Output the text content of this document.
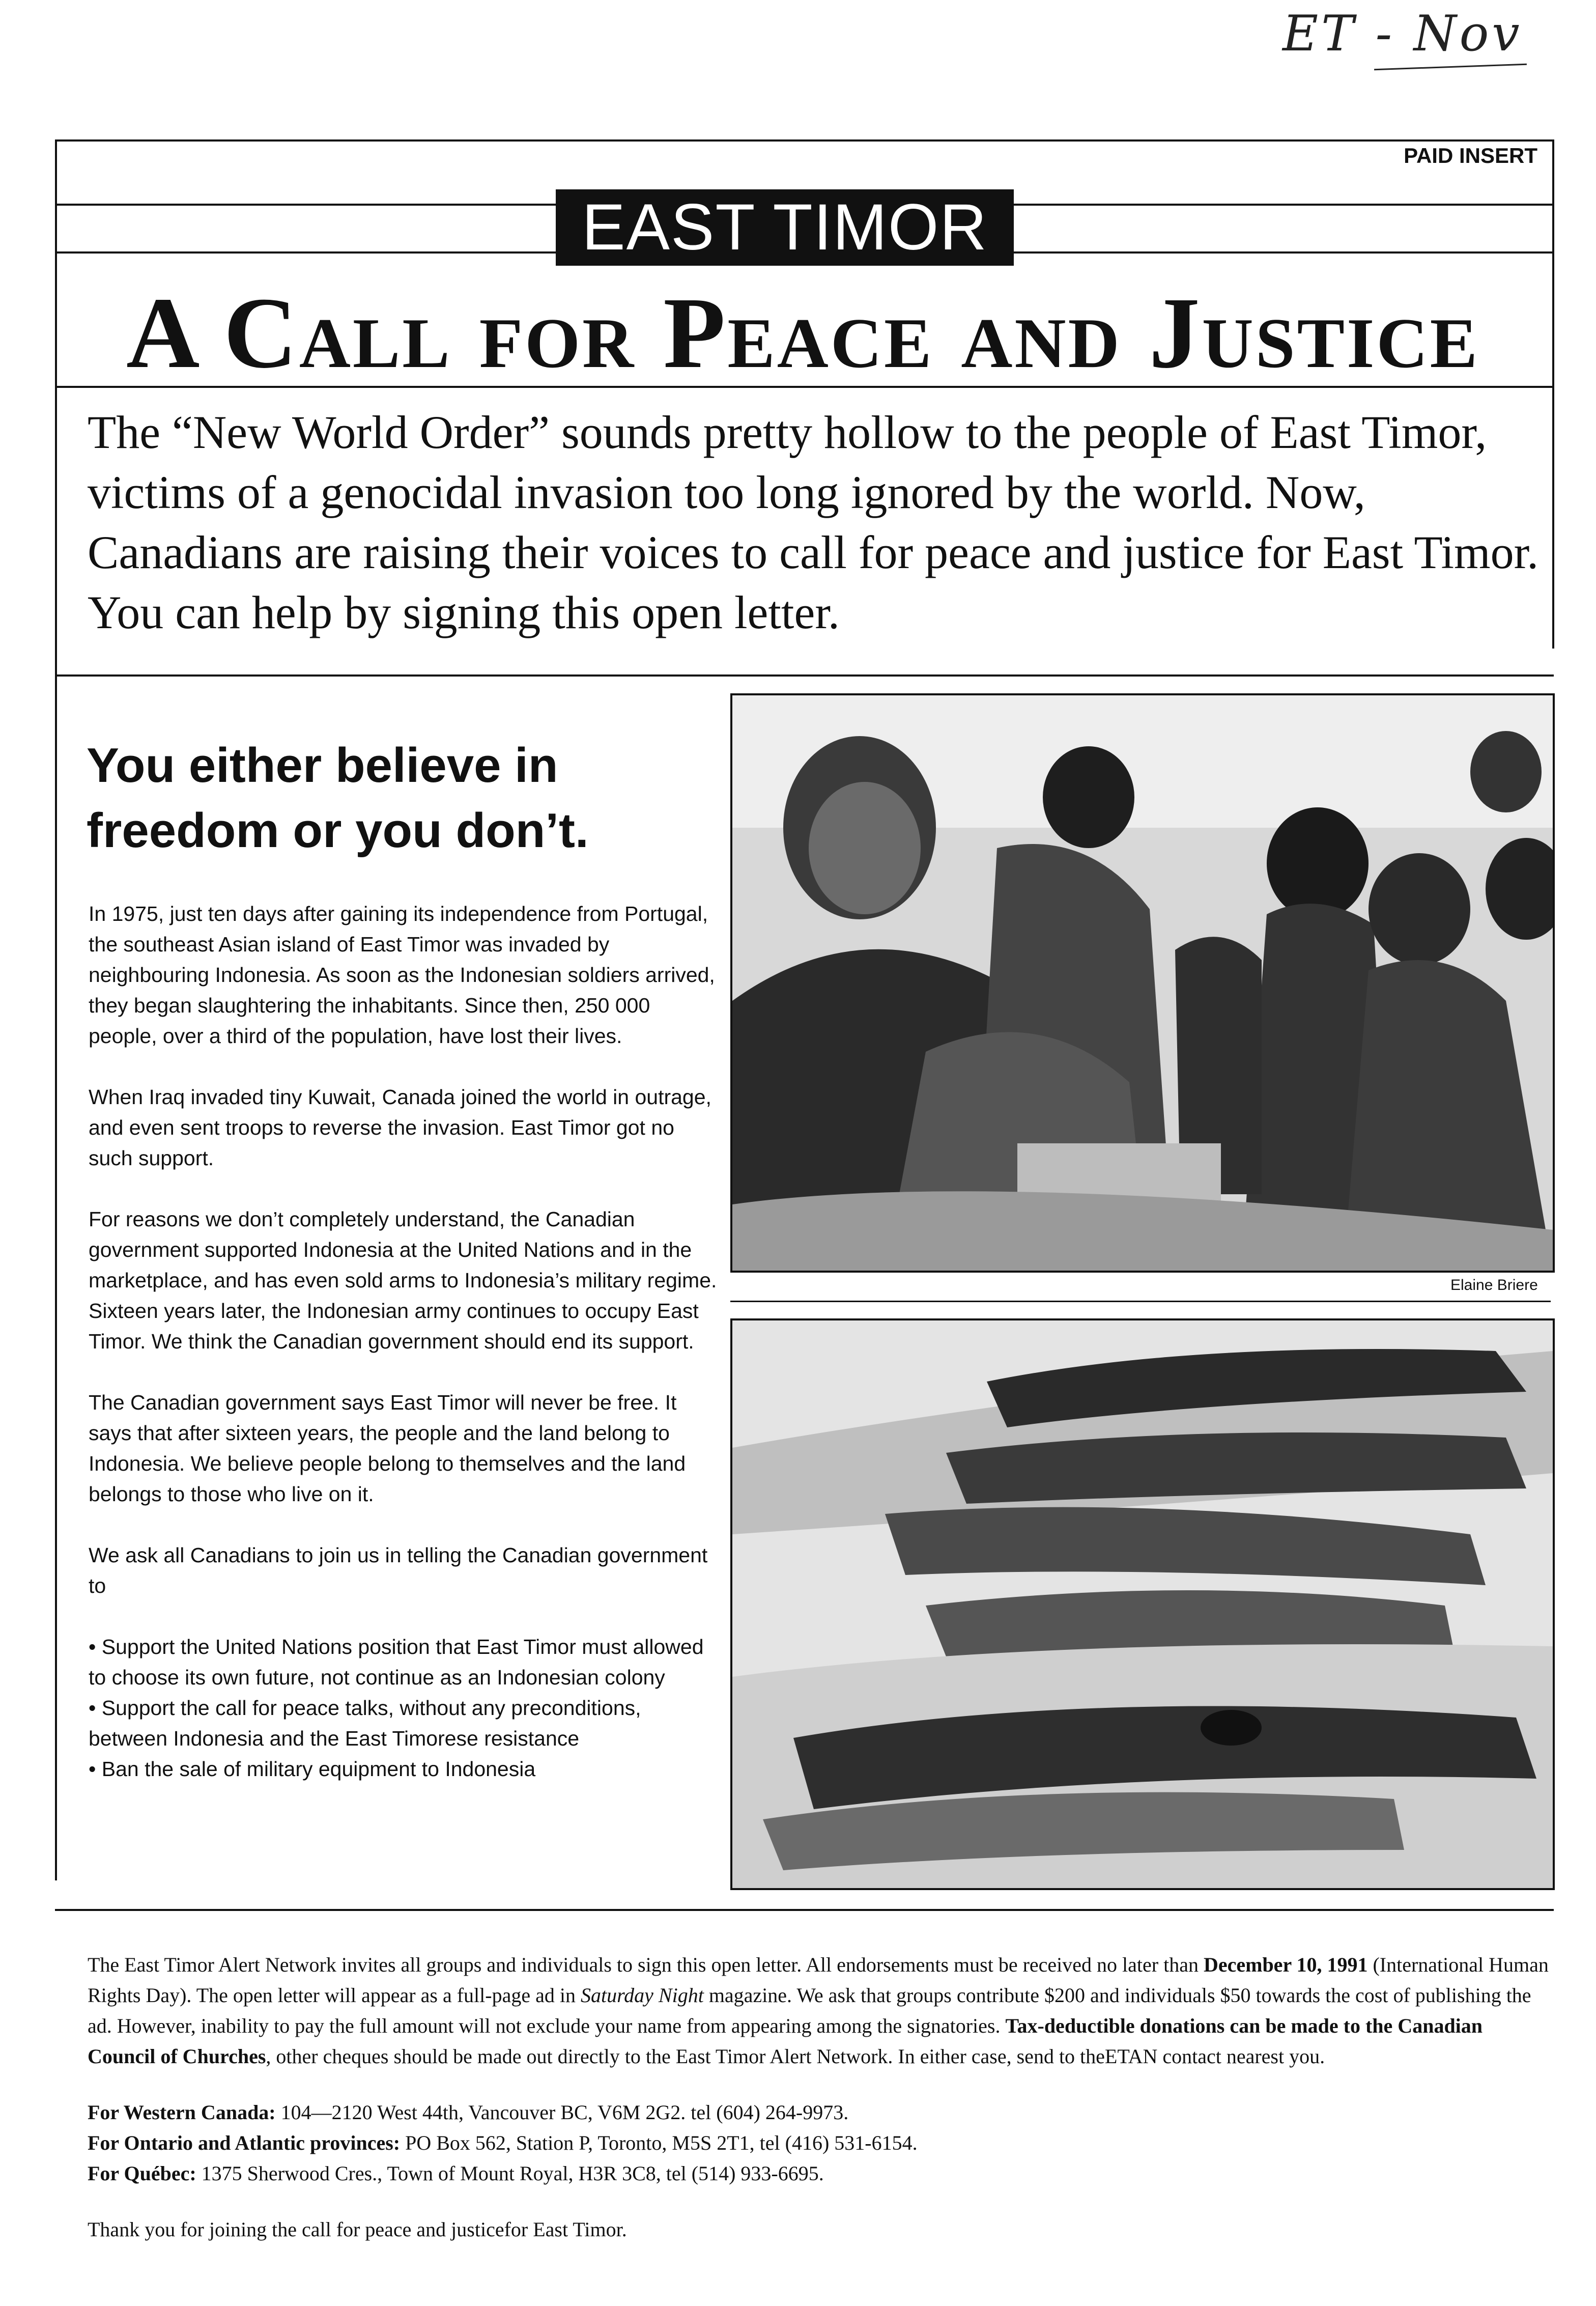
ET - Nov
PAID INSERT
EAST TIMOR
A Call for Peace and Justice
The “New World Order” sounds pretty hollow to the people of East Timor, victims of a genocidal invasion too long ignored by the world. Now, Canadians are raising their voices to call for peace and justice for East Timor. You can help by signing this open letter.
You either believe in freedom or you don’t.

In 1975, just ten days after gaining its independence from Portugal, the southeast Asian island of East Timor was invaded by neighbouring Indonesia. As soon as the Indonesian soldiers arrived, they began slaughtering the inhabitants. Since then, 250 000 people, over a third of the population, have lost their lives.

When Iraq invaded tiny Kuwait, Canada joined the world in outrage, and even sent troops to reverse the invasion. East Timor got no such support.

For reasons we don’t completely understand, the Canadian government supported Indonesia at the United Nations and in the marketplace, and has even sold arms to Indonesia’s military regime. Sixteen years later, the Indonesian army continues to occupy East Timor. We think the Canadian government should end its support.

The Canadian government says East Timor will never be free. It says that after sixteen years, the people and the land belong to Indonesia. We believe people belong to themselves and the land belongs to those who live on it.

We ask all Canadians to join us in telling the Canadian government to

• Support the United Nations position that East Timor must allowed to choose its own future, not continue as an Indonesian colony
• Support the call for peace talks, without any preconditions, between Indonesia and the East Timorese resistance
• Ban the sale of military equipment to Indonesia
Elaine Briere

The East Timor Alert Network invites all groups and individuals to sign this open letter. All endorsements must be received no later than December 10, 1991 (International Human Rights Day). The open letter will appear as a full-page ad in Saturday Night magazine. We ask that groups contribute $200 and individuals $50 towards the cost of publishing the ad. However, inability to pay the full amount will not exclude your name from appearing among the signatories. Tax-deductible donations can be made to the Canadian Council of Churches, other cheques should be made out directly to the East Timor Alert Network. In either case, send to theETAN contact nearest you.

For Western Canada: 104—2120 West 44th, Vancouver BC, V6M 2G2. tel (604) 264-9973.
For Ontario and Atlantic provinces: PO Box 562, Station P, Toronto, M5S 2T1, tel (416) 531-6154.
For Québec: 1375 Sherwood Cres., Town of Mount Royal, H3R 3C8, tel (514) 933-6695.
Thank you for joining the call for peace and justicefor East Timor.
